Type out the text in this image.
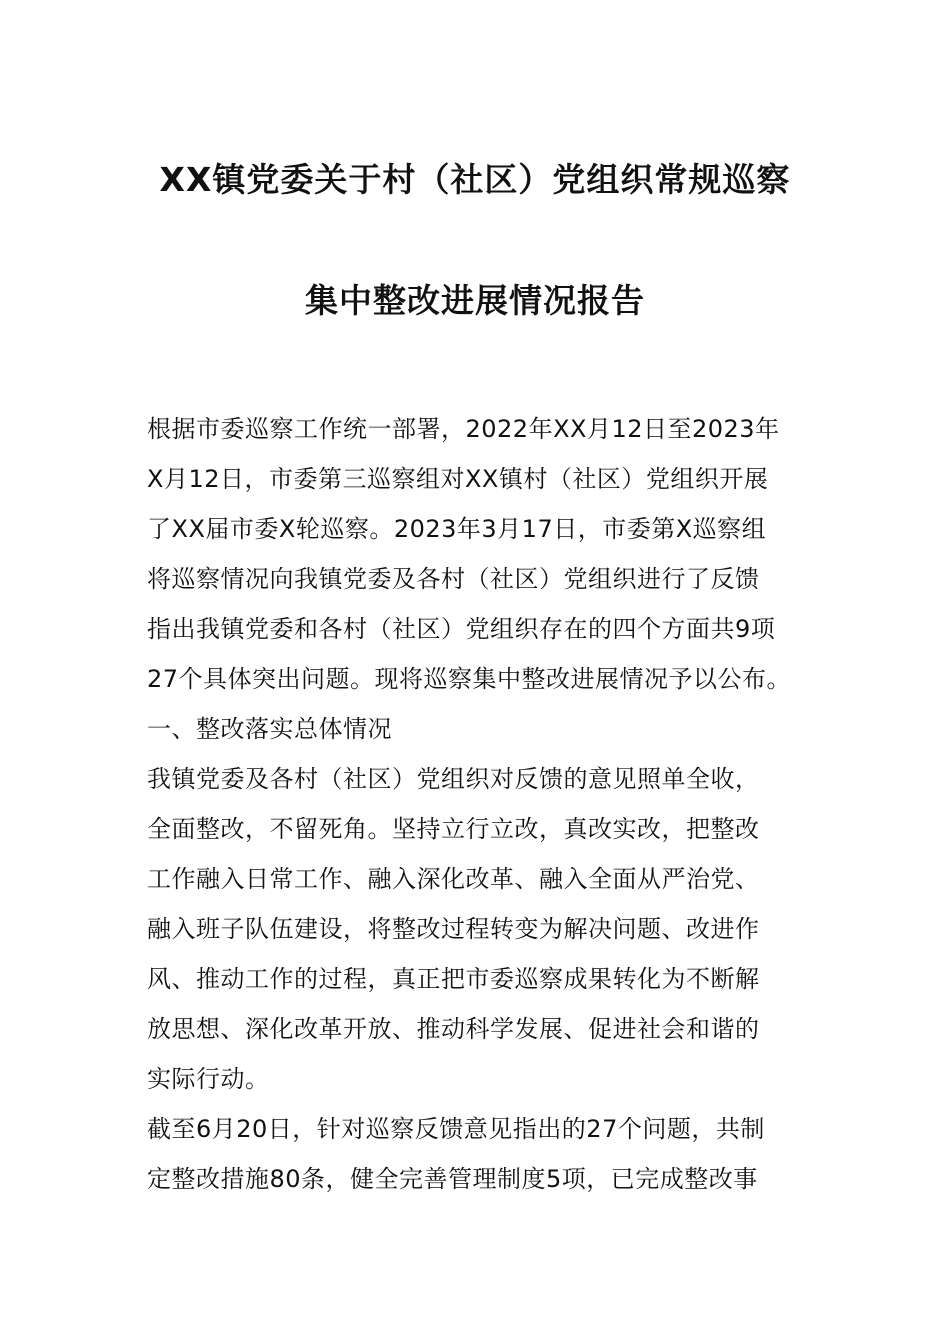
XX镇党委关于村（社区）党组织常规巡察
集中整改进展情况报告
根据市委巡察工作统一部署，2022年XX月12日至2023年
X月12日，市委第三巡察组对XX镇村（社区）党组织开展
了XX届市委X轮巡察。2023年3月17日，市委第X巡察组
将巡察情况向我镇党委及各村（社区）党组织进行了反馈
指出我镇党委和各村（社区）党组织存在的四个方面共9项
27个具体突出问题。现将巡察集中整改进展情况予以公布。
一、整改落实总体情况
我镇党委及各村（社区）党组织对反馈的意见照单全收，
全面整改，不留死角。坚持立行立改，真改实改，把整改
工作融入日常工作、融入深化改革、融入全面从严治党、
融入班子队伍建设，将整改过程转变为解决问题、改进作
风、推动工作的过程，真正把市委巡察成果转化为不断解
放思想、深化改革开放、推动科学发展、促进社会和谐的
实际行动。
截至6月20日，针对巡察反馈意见指出的27个问题，共制
定整改措施80条，健全完善管理制度5项，已完成整改事
